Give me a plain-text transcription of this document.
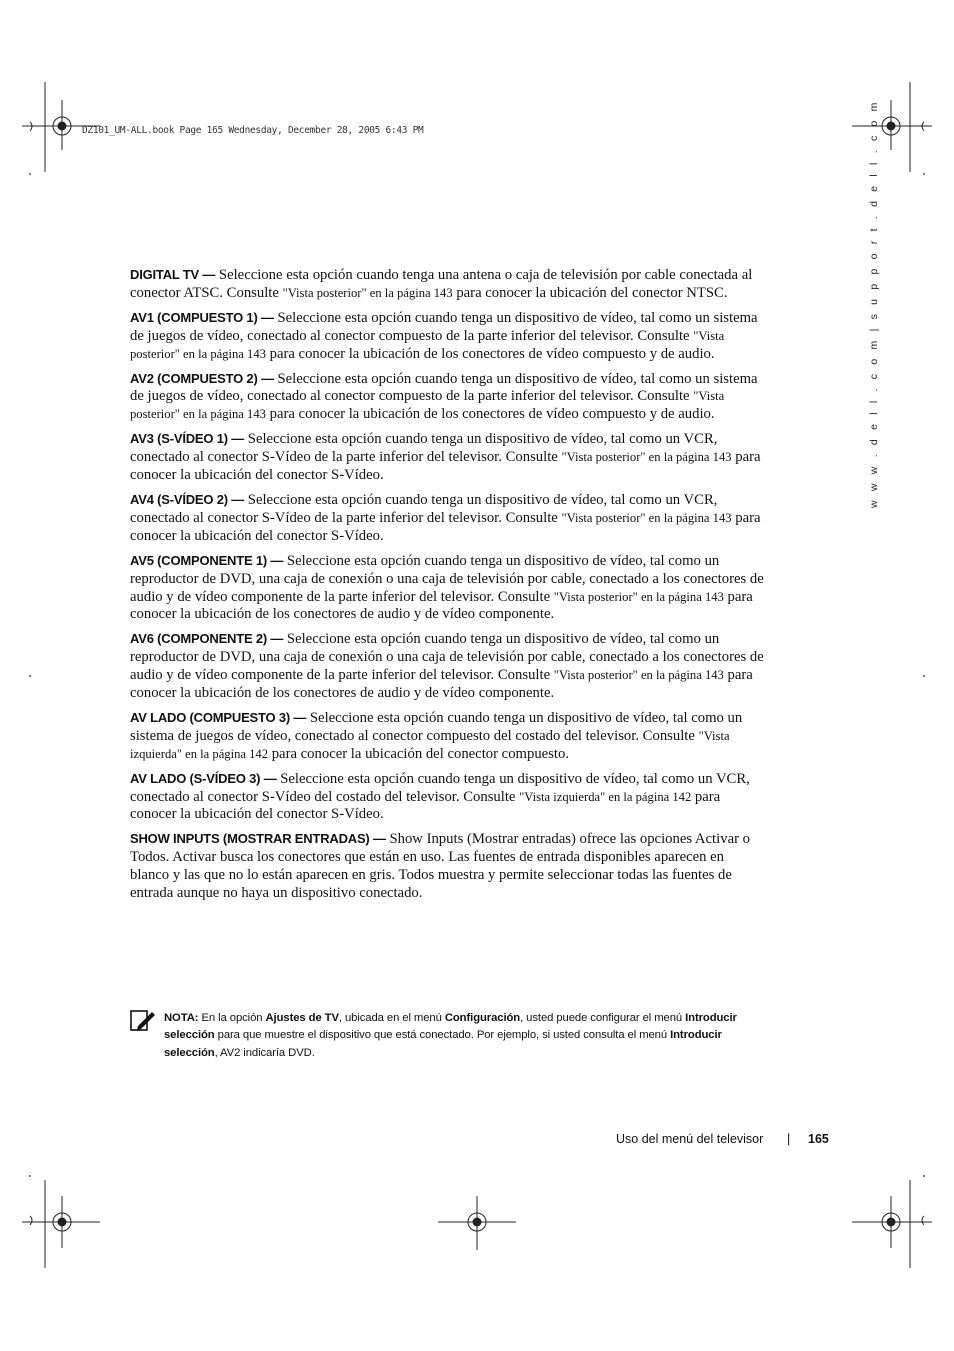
DZ101_UM-ALL.book Page 165 Wednesday, December 28, 2005 6:43 PM	w w w . d e l l . c o m | s u p p o r t . d e l l . c o m

DIGITAL TV — Seleccione esta opción cuando tenga una antena o caja de televisión por cable conectada al conector ATSC. Consulte "Vista posterior" en la página 143 para conocer la ubicación del conector NTSC.

AV1 (COMPUESTO 1) — Seleccione esta opción cuando tenga un dispositivo de vídeo, tal como un sistema de juegos de vídeo, conectado al conector compuesto de la parte inferior del televisor. Consulte "Vista posterior" en la página 143 para conocer la ubicación de los conectores de vídeo compuesto y de audio.

AV2 (COMPUESTO 2) — Seleccione esta opción cuando tenga un dispositivo de vídeo, tal como un sistema de juegos de vídeo, conectado al conector compuesto de la parte inferior del televisor. Consulte "Vista posterior" en la página 143 para conocer la ubicación de los conectores de vídeo compuesto y de audio.

AV3 (S-VÍDEO 1) — Seleccione esta opción cuando tenga un dispositivo de vídeo, tal como un VCR, conectado al conector S-Vídeo de la parte inferior del televisor. Consulte "Vista posterior" en la página 143 para conocer la ubicación del conector S-Vídeo.

AV4 (S-VÍDEO 2) — Seleccione esta opción cuando tenga un dispositivo de vídeo, tal como un VCR, conectado al conector S-Vídeo de la parte inferior del televisor. Consulte "Vista posterior" en la página 143 para conocer la ubicación del conector S-Vídeo.

AV5 (COMPONENTE 1) — Seleccione esta opción cuando tenga un dispositivo de vídeo, tal como un reproductor de DVD, una caja de conexión o una caja de televisión por cable, conectado a los conectores de audio y de vídeo componente de la parte inferior del televisor. Consulte "Vista posterior" en la página 143 para conocer la ubicación de los conectores de audio y de vídeo componente.

AV6 (COMPONENTE 2) — Seleccione esta opción cuando tenga un dispositivo de vídeo, tal como un reproductor de DVD, una caja de conexión o una caja de televisión por cable, conectado a los conectores de audio y de vídeo componente de la parte inferior del televisor. Consulte "Vista posterior" en la página 143 para conocer la ubicación de los conectores de audio y de vídeo componente.

AV LADO (COMPUESTO 3) — Seleccione esta opción cuando tenga un dispositivo de vídeo, tal como un sistema de juegos de vídeo, conectado al conector compuesto del costado del televisor. Consulte "Vista izquierda" en la página 142 para conocer la ubicación del conector compuesto.

AV LADO (S-VÍDEO 3) — Seleccione esta opción cuando tenga un dispositivo de vídeo, tal como un VCR, conectado al conector S-Vídeo del costado del televisor. Consulte "Vista izquierda" en la página 142 para conocer la ubicación del conector S-Vídeo.

SHOW INPUTS (MOSTRAR ENTRADAS) — Show Inputs (Mostrar entradas) ofrece las opciones Activar o Todos. Activar busca los conectores que están en uso. Las fuentes de entrada disponibles aparecen en blanco y las que no lo están aparecen en gris. Todos muestra y permite seleccionar todas las fuentes de entrada aunque no haya un dispositivo conectado.

NOTA: En la opción Ajustes de TV, ubicada en el menú Configuración, usted puede configurar el menú Introducir selección para que muestre el dispositivo que está conectado. Por ejemplo, si usted consulta el menú Introducir selección, AV2 indicaría DVD.
Uso del menú del televisor | 165
